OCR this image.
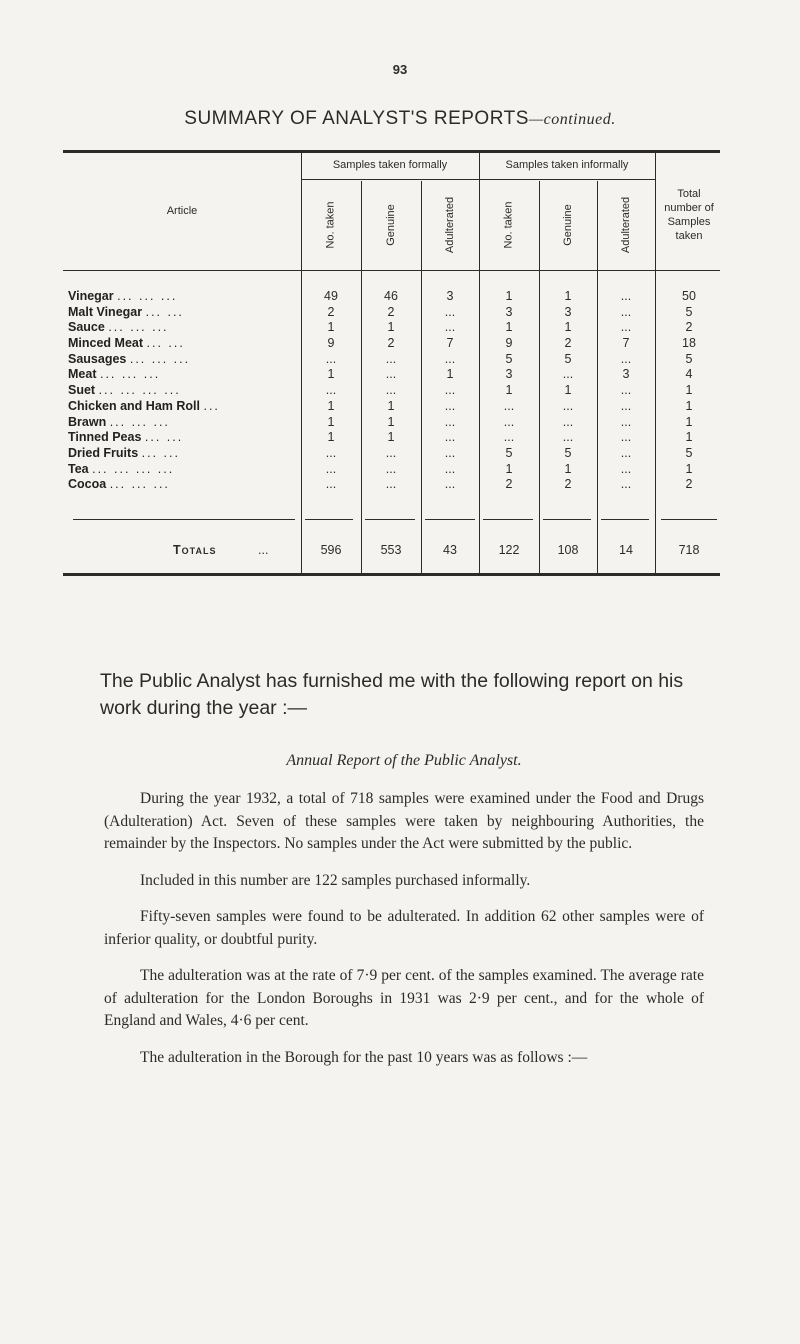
93
SUMMARY OF ANALYST'S REPORTS—continued.
Article
Samples taken formally	Samples taken informally
No. taken	Genuine	Adulterated	No. taken	Genuine	Adulterated
Total number of Samples taken
Vinegar ... ... ...	49	46	3	1	1	...	50
Malt Vinegar ... ...	2	2	...	3	3	...	5
Sauce ... ... ...	1	1	...	1	1	...	2
Minced Meat ... ...	9	2	7	9	2	7	18
Sausages ... ... ...	...	...	...	5	5	...	5
Meat ... ... ...	1	...	1	3	...	3	4
Suet ... ... ... ...	...	...	...	1	1	...	1
Chicken and Ham Roll ...	1	1	...	...	...	...	1
Brawn ... ... ...	1	1	...	...	...	...	1
Tinned Peas ... ...	1	1	...	...	...	...	1
Dried Fruits ... ...	...	...	...	5	5	...	5
Tea ... ... ... ...	...	...	...	1	1	...	1
Cocoa ... ... ...	...	...	...	2	2	...	2
Totals	...	596	553	43	122	108	14	718
The Public Analyst has furnished me with the following report on his work during the year :—
Annual Report of the Public Analyst.

During the year 1932, a total of 718 samples were examined under the Food and Drugs (Adulteration) Act. Seven of these samples were taken by neighbouring Authorities, the remainder by the Inspectors. No samples under the Act were submitted by the public.

Included in this number are 122 samples purchased informally.

Fifty-seven samples were found to be adulterated. In addition 62 other samples were of inferior quality, or doubtful purity.

The adulteration was at the rate of 7·9 per cent. of the samples examined. The average rate of adulteration for the London Boroughs in 1931 was 2·9 per cent., and for the whole of England and Wales, 4·6 per cent.

The adulteration in the Borough for the past 10 years was as follows :—
